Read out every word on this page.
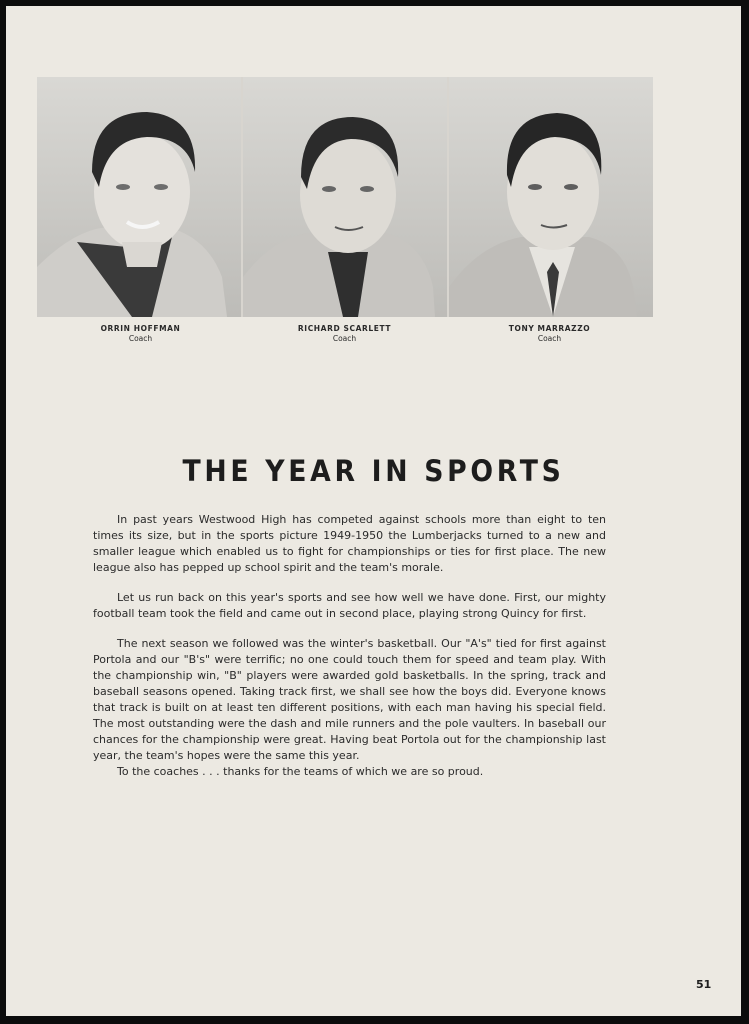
ORRIN HOFFMAN
Coach
RICHARD SCARLETT
Coach
TONY MARRAZZO
Coach
THE YEAR IN SPORTS

In past years Westwood High has competed against schools more than eight to ten times its size, but in the sports picture 1949-1950 the Lumberjacks turned to a new and smaller league which enabled us to fight for championships or ties for first place. The new league also has pepped up school spirit and the team's morale.

Let us run back on this year's sports and see how well we have done. First, our mighty football team took the field and came out in second place, playing strong Quincy for first.

The next season we followed was the winter's basketball. Our "A's" tied for first against Portola and our "B's" were terrific; no one could touch them for speed and team play. With the championship win, "B" players were awarded gold basketballs. In the spring, track and baseball seasons opened. Taking track first, we shall see how the boys did. Everyone knows that track is built on at least ten different positions, with each man having his special field. The most outstanding were the dash and mile runners and the pole vaulters. In baseball our chances for the championship were great. Having beat Portola out for the championship last year, the team's hopes were the same this year.

To the coaches . . . thanks for the teams of which we are so proud.

51
